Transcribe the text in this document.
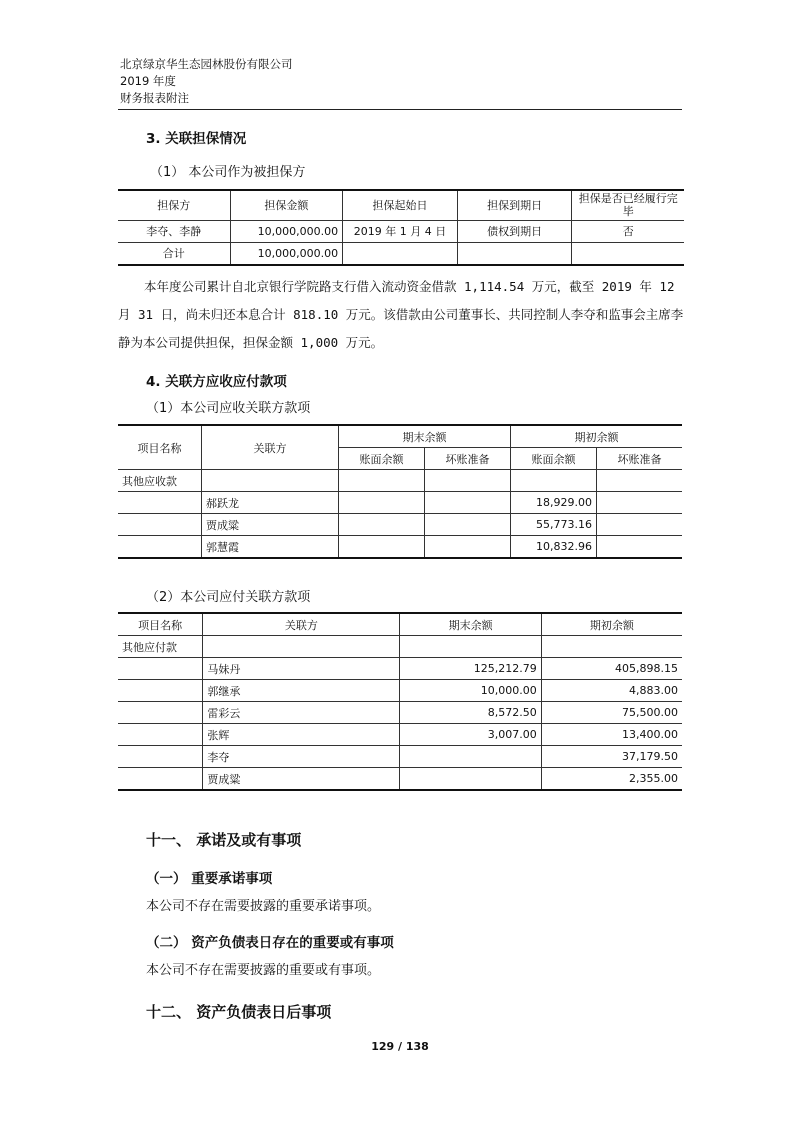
北京绿京华生态园林股份有限公司
2019 年度
财务报表附注
3. 关联担保情况
（1） 本公司作为被担保方
担保方	担保金额	担保起始日	担保到期日	担保是否已经履行完毕
李夺、李静	10,000,000.00	2019 年 1 月 4 日	债权到期日	否
合计	10,000,000.00			
本年度公司累计自北京银行学院路支行借入流动资金借款 1,114.54 万元，截至 2019 年 12 月 31 日，尚未归还本息合计 818.10 万元。该借款由公司董事长、共同控制人李夺和监事会主席李静为本公司提供担保，担保金额 1,000 万元。
4. 关联方应收应付款项
（1）本公司应收关联方款项
项目名称	关联方	期末余额		期初余额	
		账面余额	坏账准备	账面余额	坏账准备
其他应收款					
	郝跃龙			18,929.00	
	贾成粱			55,773.16	
	郭慧霞			10,832.96	
（2）本公司应付关联方款项
项目名称	关联方	期末余额	期初余额
其他应付款			
	马妹丹	125,212.79	405,898.15
	郭继承	10,000.00	4,883.00
	雷彩云	8,572.50	75,500.00
	张辉	3,007.00	13,400.00
	李夺		37,179.50
	贾成粱		2,355.00
十一、 承诺及或有事项
（一） 重要承诺事项
本公司不存在需要披露的重要承诺事项。
（二） 资产负债表日存在的重要或有事项
本公司不存在需要披露的重要或有事项。
十二、 资产负债表日后事项
129 / 138
